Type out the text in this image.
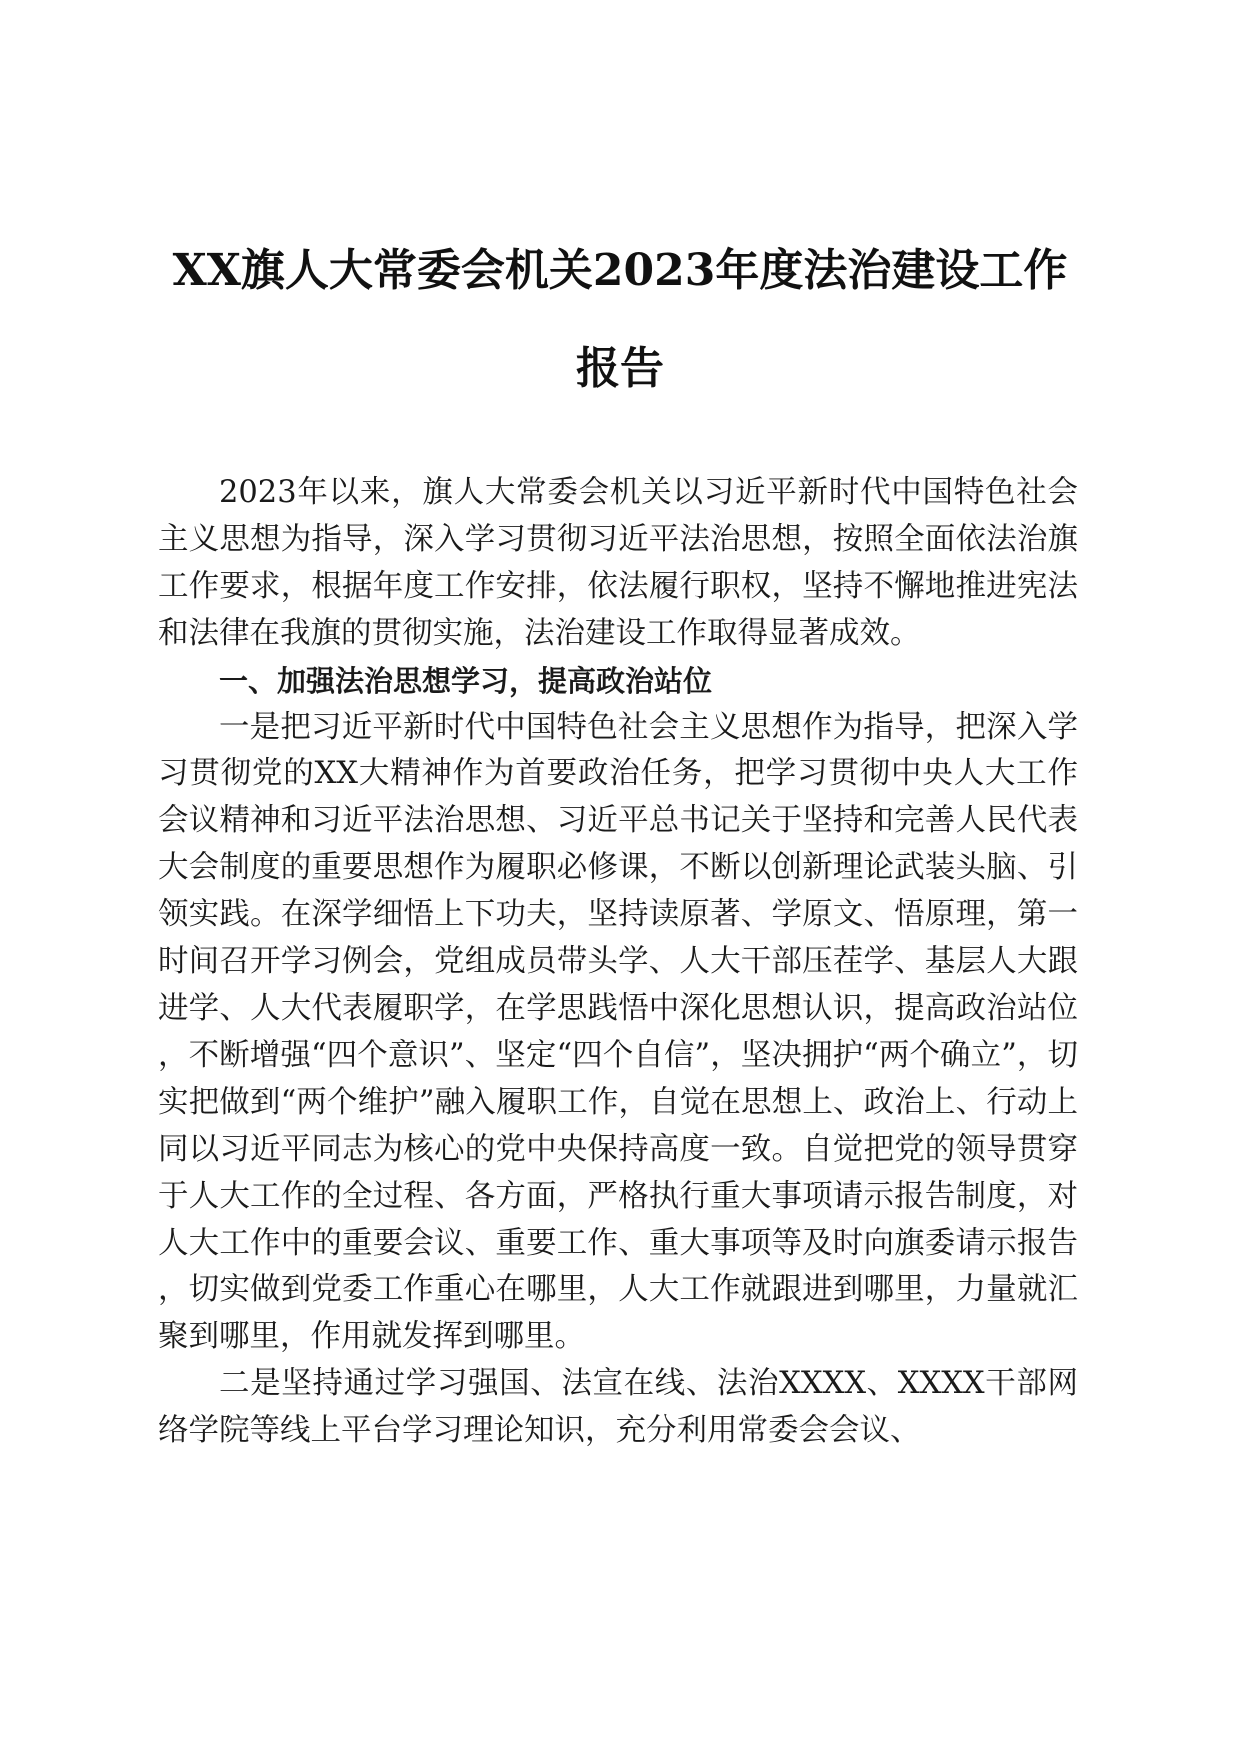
XX旗人大常委会机关2023年度法治建设工作
报告

2023年以来，旗人大常委会机关以习近平新时代中国特色社会主义思想为指导，深入学习贯彻习近平法治思想，按照全面依法治旗工作要求，根据年度工作安排，依法履行职权，坚持不懈地推进宪法和法律在我旗的贯彻实施，法治建设工作取得显著成效。

一、加强法治思想学习，提高政治站位

一是把习近平新时代中国特色社会主义思想作为指导，把深入学习贯彻党的XX大精神作为首要政治任务，把学习贯彻中央人大工作会议精神和习近平法治思想、习近平总书记关于坚持和完善人民代表大会制度的重要思想作为履职必修课，不断以创新理论武装头脑、引领实践。在深学细悟上下功夫，坚持读原著、学原文、悟原理，第一时间召开学习例会，党组成员带头学、人大干部压茬学、基层人大跟进学、人大代表履职学，在学思践悟中深化思想认识，提高政治站位，不断增强“四个意识”、坚定“四个自信”，坚决拥护“两个确立”，切实把做到“两个维护”融入履职工作，自觉在思想上、政治上、行动上同以习近平同志为核心的党中央保持高度一致。自觉把党的领导贯穿于人大工作的全过程、各方面，严格执行重大事项请示报告制度，对人大工作中的重要会议、重要工作、重大事项等及时向旗委请示报告，切实做到党委工作重心在哪里，人大工作就跟进到哪里，力量就汇聚到哪里，作用就发挥到哪里。

二是坚持通过学习强国、法宣在线、法治XXXX、XXXX干部网络学院等线上平台学习理论知识，充分利用常委会会议、
